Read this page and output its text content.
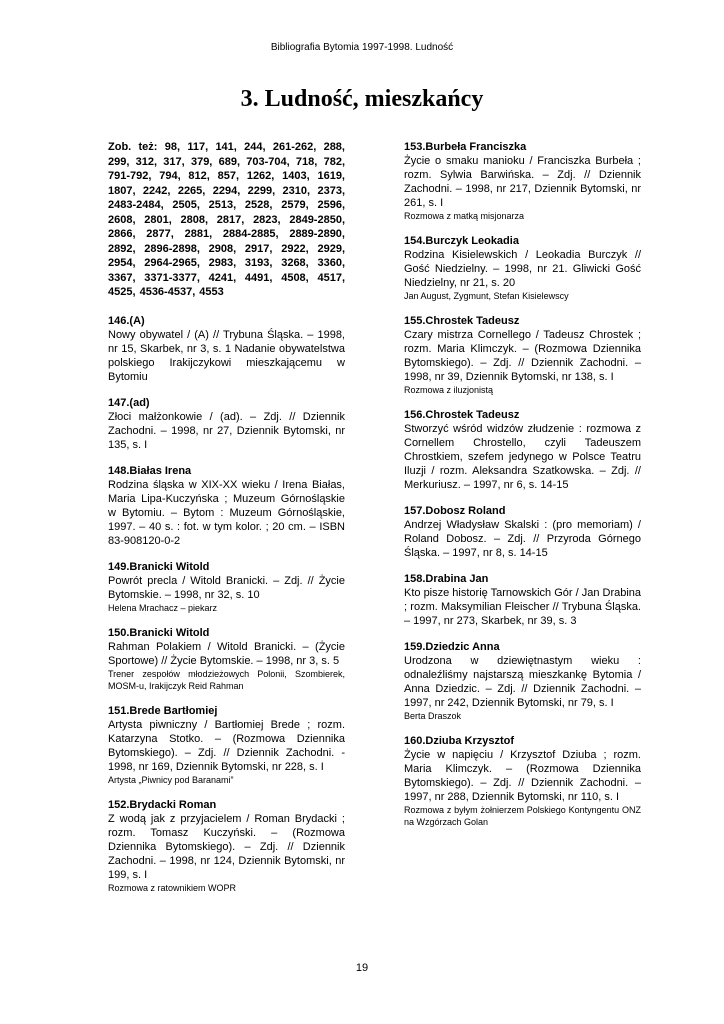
Bibliografia Bytomia 1997-1998. Ludność
3. Ludność, mieszkańcy

Zob. też: 98, 117, 141, 244, 261-262, 288, 299, 312, 317, 379, 689, 703-704, 718, 782, 791-792, 794, 812, 857, 1262, 1403, 1619, 1807, 2242, 2265, 2294, 2299, 2310, 2373, 2483-2484, 2505, 2513, 2528, 2579, 2596, 2608, 2801, 2808, 2817, 2823, 2849-2850, 2866, 2877, 2881, 2884-2885, 2889-2890, 2892, 2896-2898, 2908, 2917, 2922, 2929, 2954, 2964-2965, 2983, 3193, 3268, 3360, 3367, 3371-3377, 4241, 4491, 4508, 4517, 4525, 4536-4537, 4553

146.(A)
Nowy obywatel / (A) // Trybuna Śląska. – 1998, nr 15, Skarbek, nr 3, s. 1 Nadanie obywatelstwa polskiego Irakijczykowi mieszkającemu w Bytomiu
147.(ad)
Złoci małżonkowie / (ad). – Zdj. // Dziennik Zachodni. – 1998, nr 27, Dziennik Bytomski, nr 135, s. I
148.Białas Irena
Rodzina śląska w XIX-XX wieku / Irena Białas, Maria Lipa-Kuczyńska ; Muzeum Górnośląskie w Bytomiu. – Bytom : Muzeum Górnośląskie, 1997. – 40 s. : fot. w tym kolor. ; 20 cm. – ISBN 83-908120-0-2
149.Branicki Witold
Powrót precla / Witold Branicki. – Zdj. // Życie Bytomskie. – 1998, nr 32, s. 10
Helena Mrachacz – piekarz
150.Branicki Witold
Rahman Polakiem / Witold Branicki. – (Życie Sportowe) // Życie Bytomskie. – 1998, nr 3, s. 5
Trener zespołów młodzieżowych Polonii, Szombierek, MOSM-u, Irakijczyk Reid Rahman
151.Brede Bartłomiej
Artysta piwniczny / Bartłomiej Brede ; rozm. Katarzyna Stotko. – (Rozmowa Dziennika Bytomskiego). – Zdj. // Dziennik Zachodni. - 1998, nr 169, Dziennik Bytomski, nr 228, s. I
Artysta „Piwnicy pod Baranami”
152.Brydacki Roman
Z wodą jak z przyjacielem / Roman Brydacki ; rozm. Tomasz Kuczyński. – (Rozmowa Dziennika Bytomskiego). – Zdj. // Dziennik Zachodni. – 1998, nr 124, Dziennik Bytomski, nr 199, s. I
Rozmowa z ratownikiem WOPR
153.Burbeła Franciszka
Życie o smaku manioku / Franciszka Burbeła ; rozm. Sylwia Barwińska. – Zdj. // Dziennik Zachodni. – 1998, nr 217, Dziennik Bytomski, nr 261, s. I
Rozmowa z matką misjonarza
154.Burczyk Leokadia
Rodzina Kisielewskich / Leokadia Burczyk // Gość Niedzielny. – 1998, nr 21. Gliwicki Gość Niedzielny, nr 21, s. 20
Jan August, Zygmunt, Stefan Kisielewscy
155.Chrostek Tadeusz
Czary mistrza Cornellego / Tadeusz Chrostek ; rozm. Maria Klimczyk. – (Rozmowa Dziennika Bytomskiego). – Zdj. // Dziennik Zachodni. – 1998, nr 39, Dziennik Bytomski, nr 138, s. I
Rozmowa z iluzjonistą
156.Chrostek Tadeusz
Stworzyć wśród widzów złudzenie : rozmowa z Cornellem Chrostello, czyli Tadeuszem Chrostkiem, szefem jedynego w Polsce Teatru Iluzji / rozm. Aleksandra Szatkowska. – Zdj. // Merkuriusz. – 1997, nr 6, s. 14-15
157.Dobosz Roland
Andrzej Władysław Skalski : (pro memoriam) / Roland Dobosz. – Zdj. // Przyroda Górnego Śląska. – 1997, nr 8, s. 14-15
158.Drabina Jan
Kto pisze historię Tarnowskich Gór / Jan Drabina ; rozm. Maksymilian Fleischer // Trybuna Śląska. – 1997, nr 273, Skarbek, nr 39, s. 3
159.Dziedzic Anna
Urodzona w dziewiętnastym wieku : odnaleźliśmy najstarszą mieszkankę Bytomia / Anna Dziedzic. – Zdj. // Dziennik Zachodni. – 1997, nr 242, Dziennik Bytomski, nr 79, s. I
Berta Draszok
160.Dziuba Krzysztof
Życie w napięciu / Krzysztof Dziuba ; rozm. Maria Klimczyk. – (Rozmowa Dziennika Bytomskiego). – Zdj. // Dziennik Zachodni. – 1997, nr 288, Dziennik Bytomski, nr 110, s. I
Rozmowa z byłym żołnierzem Polskiego Kontyngentu ONZ na Wzgórzach Golan
19
